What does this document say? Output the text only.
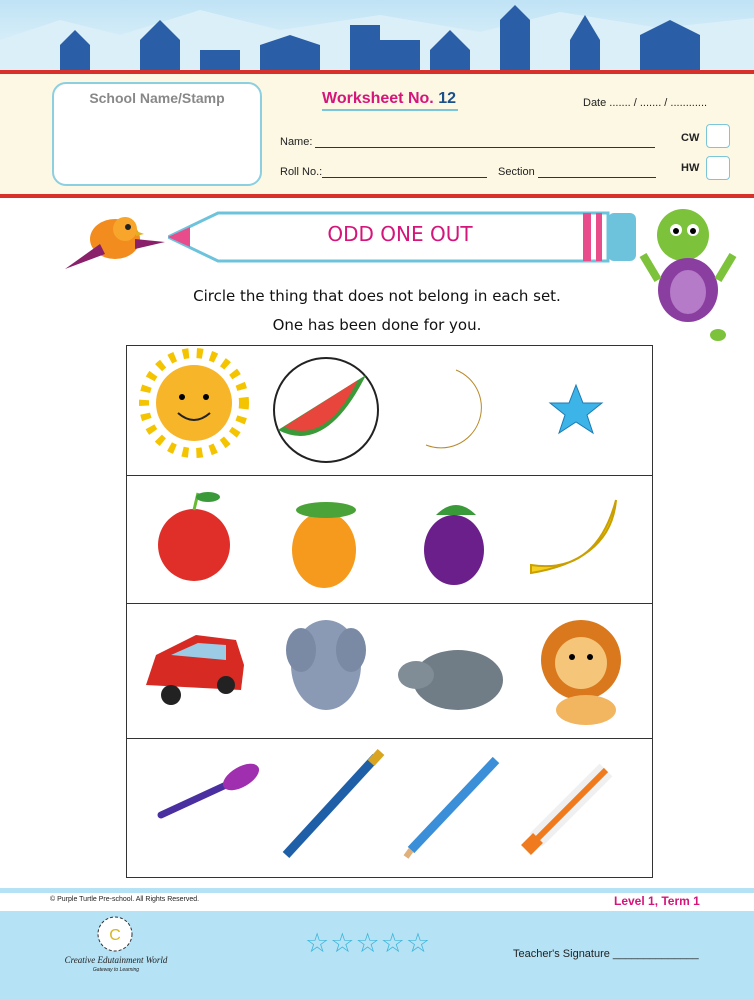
School Name/Stamp	Worksheet No. 12	Date ....... / ....... / ............
Name:
Roll No.:	Section
CW
HW
ODD ONE OUT
Circle the thing that does not belong in each set.
One has been done for you.
© Purple Turtle Pre-school. All Rights Reserved.	Level 1, Term 1
C
Creative Edutainment World
Gateway to Learning
☆☆☆☆☆	Teacher's Signature ______________
